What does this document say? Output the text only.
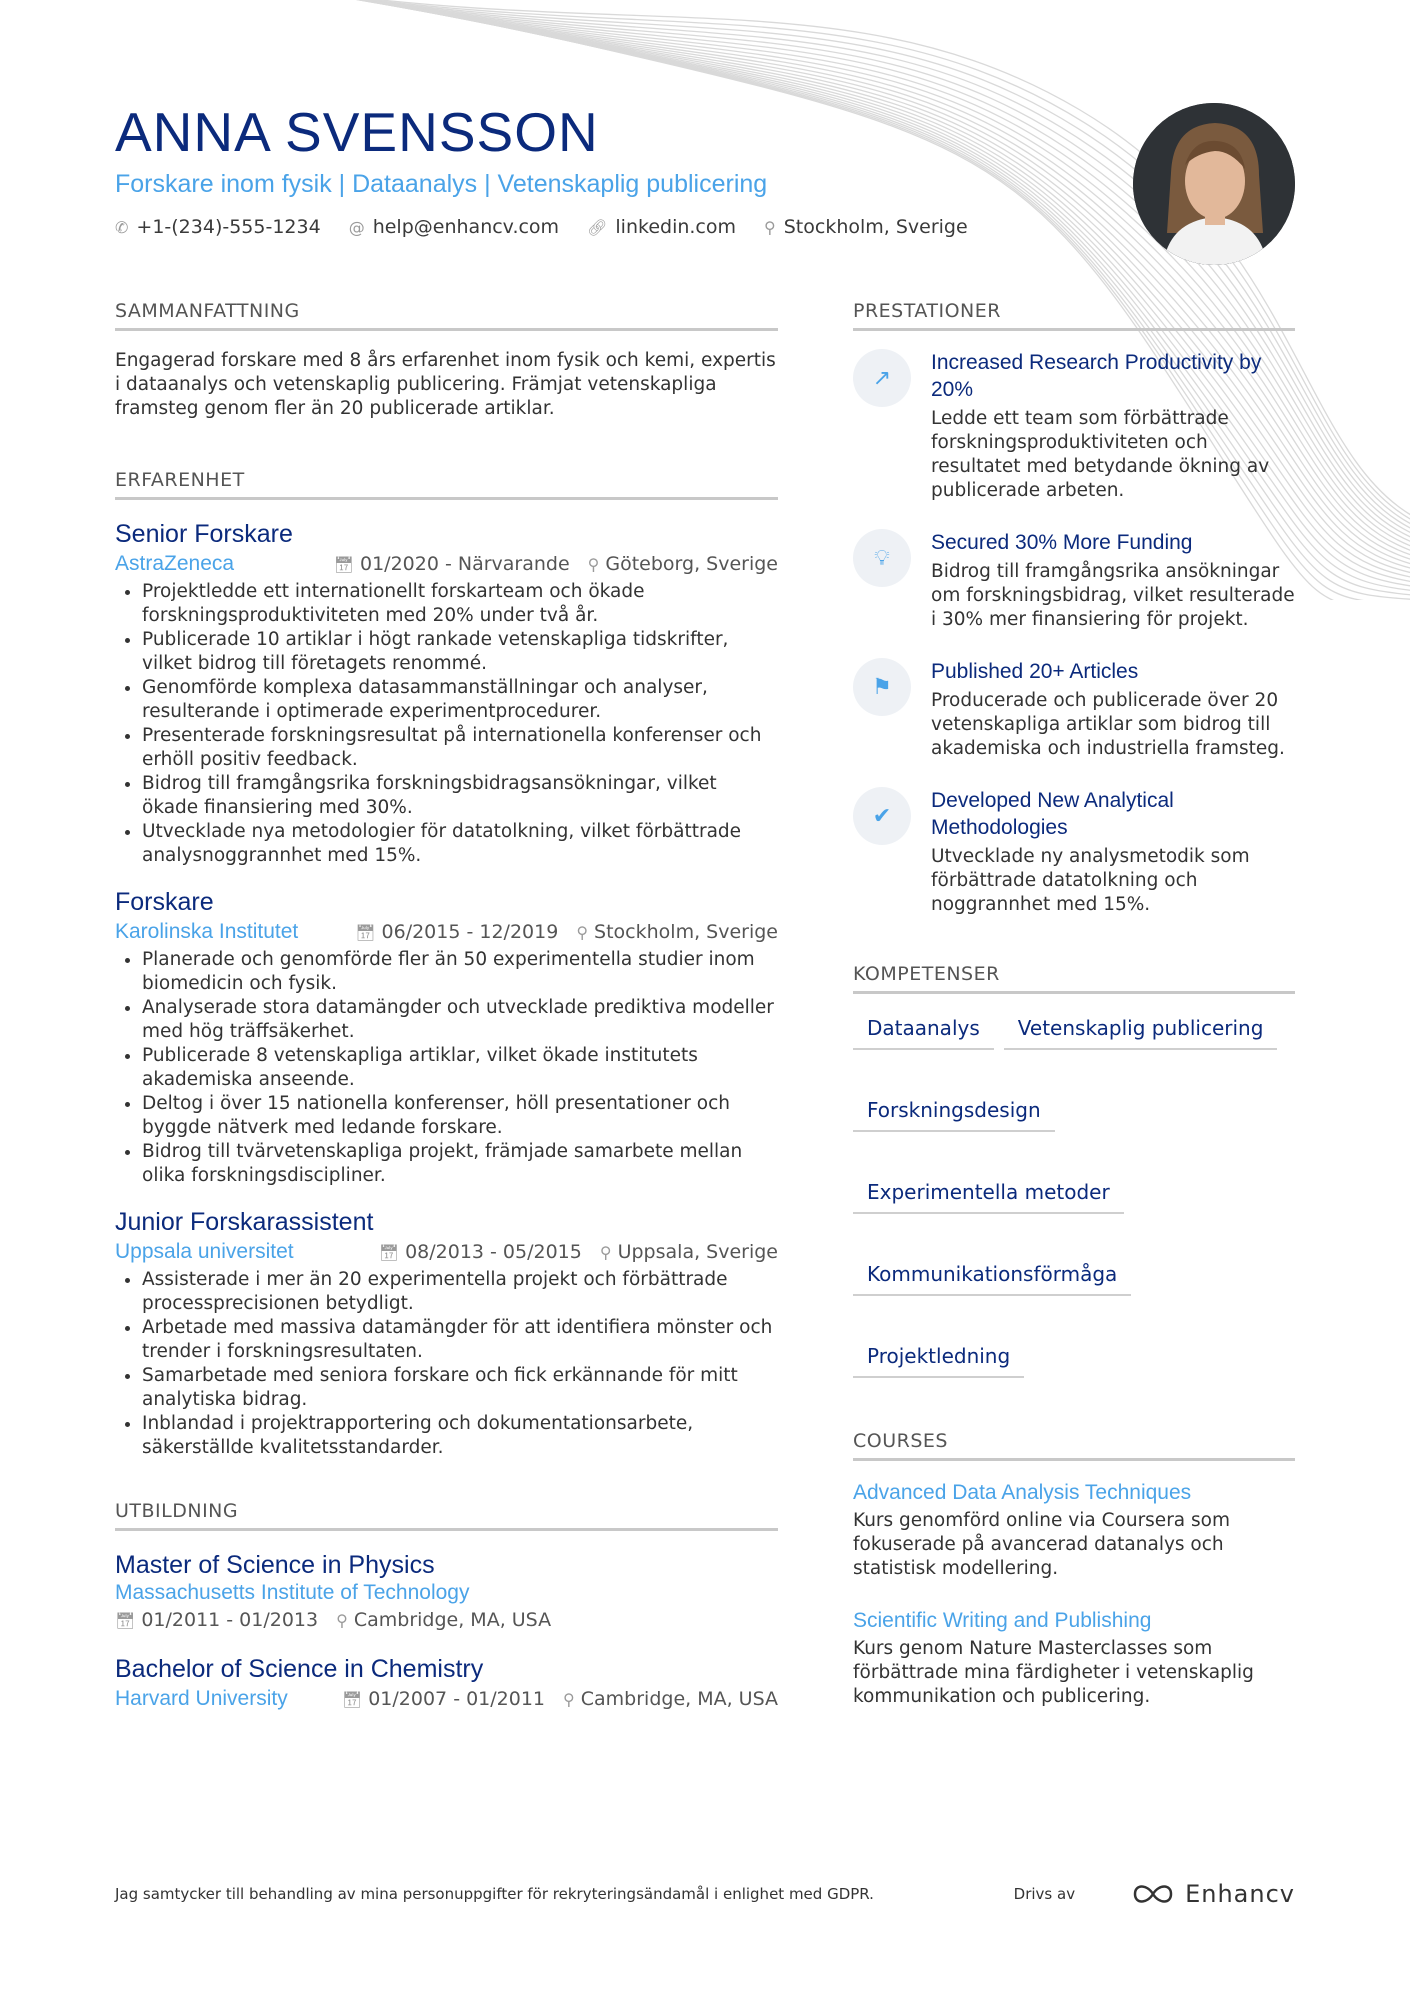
ANNA SVENSSON
Forskare inom fysik | Dataanalys | Vetenskaplig publicering
✆ +1-(234)-555-1234 @ help@enhancv.com 🔗︎ linkedin.com ⚲ Stockholm, Sverige
SAMMANFATTNING
Engagerad forskare med 8 års erfarenhet inom fysik och kemi, expertis i dataanalys och vetenskaplig publicering. Främjat vetenskapliga framsteg genom fler än 20 publicerade artiklar.
ERFARENHET
Senior Forskare
AstraZeneca	📅︎ 01/2020 - Närvarande ⚲ Göteborg, Sverige
• Projektledde ett internationellt forskarteam och ökade forskningsproduktiviteten med 20% under två år.
• Publicerade 10 artiklar i högt rankade vetenskapliga tidskrifter, vilket bidrog till företagets renommé.
• Genomförde komplexa datasammanställningar och analyser, resulterande i optimerade experimentprocedurer.
• Presenterade forskningsresultat på internationella konferenser och erhöll positiv feedback.
• Bidrog till framgångsrika forskningsbidragsansökningar, vilket ökade finansiering med 30%.
• Utvecklade nya metodologier för datatolkning, vilket förbättrade analysnoggrannhet med 15%.
Forskare
Karolinska Institutet	📅︎ 06/2015 - 12/2019 ⚲ Stockholm, Sverige
• Planerade och genomförde fler än 50 experimentella studier inom biomedicin och fysik.
• Analyserade stora datamängder och utvecklade prediktiva modeller med hög träffsäkerhet.
• Publicerade 8 vetenskapliga artiklar, vilket ökade institutets akademiska anseende.
• Deltog i över 15 nationella konferenser, höll presentationer och byggde nätverk med ledande forskare.
• Bidrog till tvärvetenskapliga projekt, främjade samarbete mellan olika forskningsdiscipliner.
Junior Forskarassistent
Uppsala universitet	📅︎ 08/2013 - 05/2015 ⚲ Uppsala, Sverige
• Assisterade i mer än 20 experimentella projekt och förbättrade processprecisionen betydligt.
• Arbetade med massiva datamängder för att identifiera mönster och trender i forskningsresultaten.
• Samarbetade med seniora forskare och fick erkännande för mitt analytiska bidrag.
• Inblandad i projektrapportering och dokumentationsarbete, säkerställde kvalitetsstandarder.
UTBILDNING
Master of Science in Physics
Massachusetts Institute of Technology
📅︎ 01/2011 - 01/2013 ⚲ Cambridge, MA, USA
Bachelor of Science in Chemistry
Harvard University	📅︎ 01/2007 - 01/2011 ⚲ Cambridge, MA, USA
PRESTATIONER
↗
Increased Research Productivity by 20%
Ledde ett team som förbättrade forskningsproduktiviteten och resultatet med betydande ökning av publicerade arbeten.
💡︎
Secured 30% More Funding
Bidrog till framgångsrika ansökningar om forskningsbidrag, vilket resulterade i 30% mer finansiering för projekt.
⚑
Published 20+ Articles
Producerade och publicerade över 20 vetenskapliga artiklar som bidrog till akademiska och industriella framsteg.
✔
Developed New Analytical Methodologies
Utvecklade ny analysmetodik som förbättrade datatolkning och noggrannhet med 15%.
KOMPETENSER
Dataanalys	Vetenskaplig publicering
Forskningsdesign
Experimentella metoder
Kommunikationsförmåga
Projektledning
COURSES
Advanced Data Analysis Techniques
Kurs genomförd online via Coursera som fokuserade på avancerad datanalys och statistisk modellering.
Scientific Writing and Publishing
Kurs genom Nature Masterclasses som förbättrade mina färdigheter i vetenskaplig kommunikation och publicering.
Jag samtycker till behandling av mina personuppgifter för rekryteringsändamål i enlighet med GDPR.	Drivs av	Enhancv
